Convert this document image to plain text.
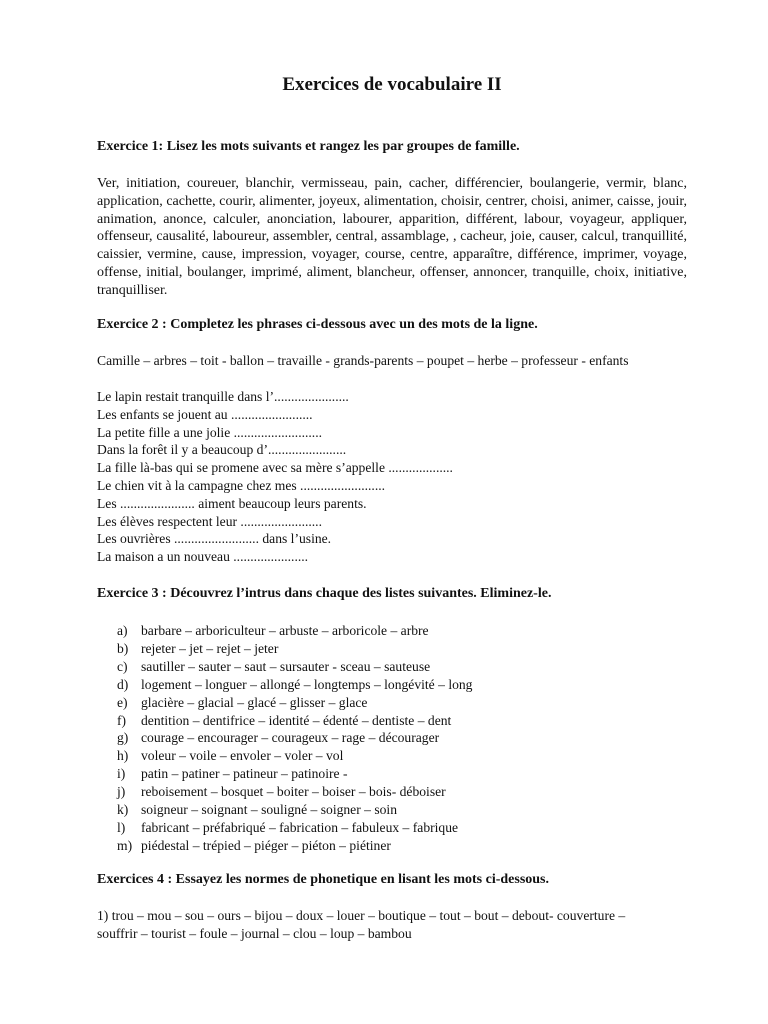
Exercices de vocabulaire II

Exercice 1: Lisez les mots suivants et rangez les par groupes de famille.

Ver, initiation, coureuer, blanchir, vermisseau, pain, cacher, différencier, boulangerie, vermir, blanc, application, cachette, courir, alimenter, joyeux, alimentation, choisir, centrer, choisi, animer, caisse, jouir, animation, anonce, calculer, anonciation, labourer, apparition, différent, labour, voyageur, appliquer, offenseur, causalité, laboureur, assembler, central, assamblage, , cacheur, joie, causer, calcul, tranquillité, caissier, vermine, cause, impression, voyager, course, centre, apparaître, différence, imprimer, voyage, offense, initial, boulanger, imprimé, aliment, blancheur, offenser, annoncer, tranquille, choix, initiative, tranquilliser.

Exercice 2 : Completez les phrases ci-dessous avec un des mots de la ligne.

Camille – arbres – toit - ballon – travaille - grands-parents – poupet – herbe – professeur - enfants

Le lapin restait tranquille dans l’......................
Les enfants se jouent au ........................
La petite fille a une jolie ..........................
Dans la forêt il y a beaucoup d’.......................
La fille là-bas qui se promene avec sa mère s’appelle ...................
Le chien vit à la campagne chez mes .........................
Les ...................... aiment beaucoup leurs parents.
Les élèves respectent leur ........................
Les ouvrières ......................... dans l’usine.
La maison a un nouveau ......................

Exercice 3 : Découvrez l’intrus dans chaque des listes suivantes. Eliminez-le.

a) barbare – arboriculteur – arbuste – arboricole – arbre
b) rejeter – jet – rejet – jeter
c) sautiller – sauter – saut – sursauter - sceau – sauteuse
d) logement – longuer – allongé – longtemps – longévité – long
e) glacière – glacial – glacé – glisser – glace
f) dentition – dentifrice – identité – édenté – dentiste – dent
g) courage – encourager – courageux – rage – décourager
h) voleur – voile – envoler – voler – vol
i) patin – patiner – patineur – patinoire -
j) reboisement – bosquet – boiter – boiser – bois- déboiser
k) soigneur – soignant – souligné – soigner – soin
l) fabricant – préfabriqué – fabrication – fabuleux – fabrique
m) piédestal – trépied – piéger – piéton – piétiner

Exercices 4 : Essayez les normes de phonetique en lisant les mots ci-dessous.

1) trou – mou – sou – ours – bijou – doux – louer – boutique – tout – bout – debout- couverture –

souffrir – tourist – foule – journal – clou – loup – bambou
